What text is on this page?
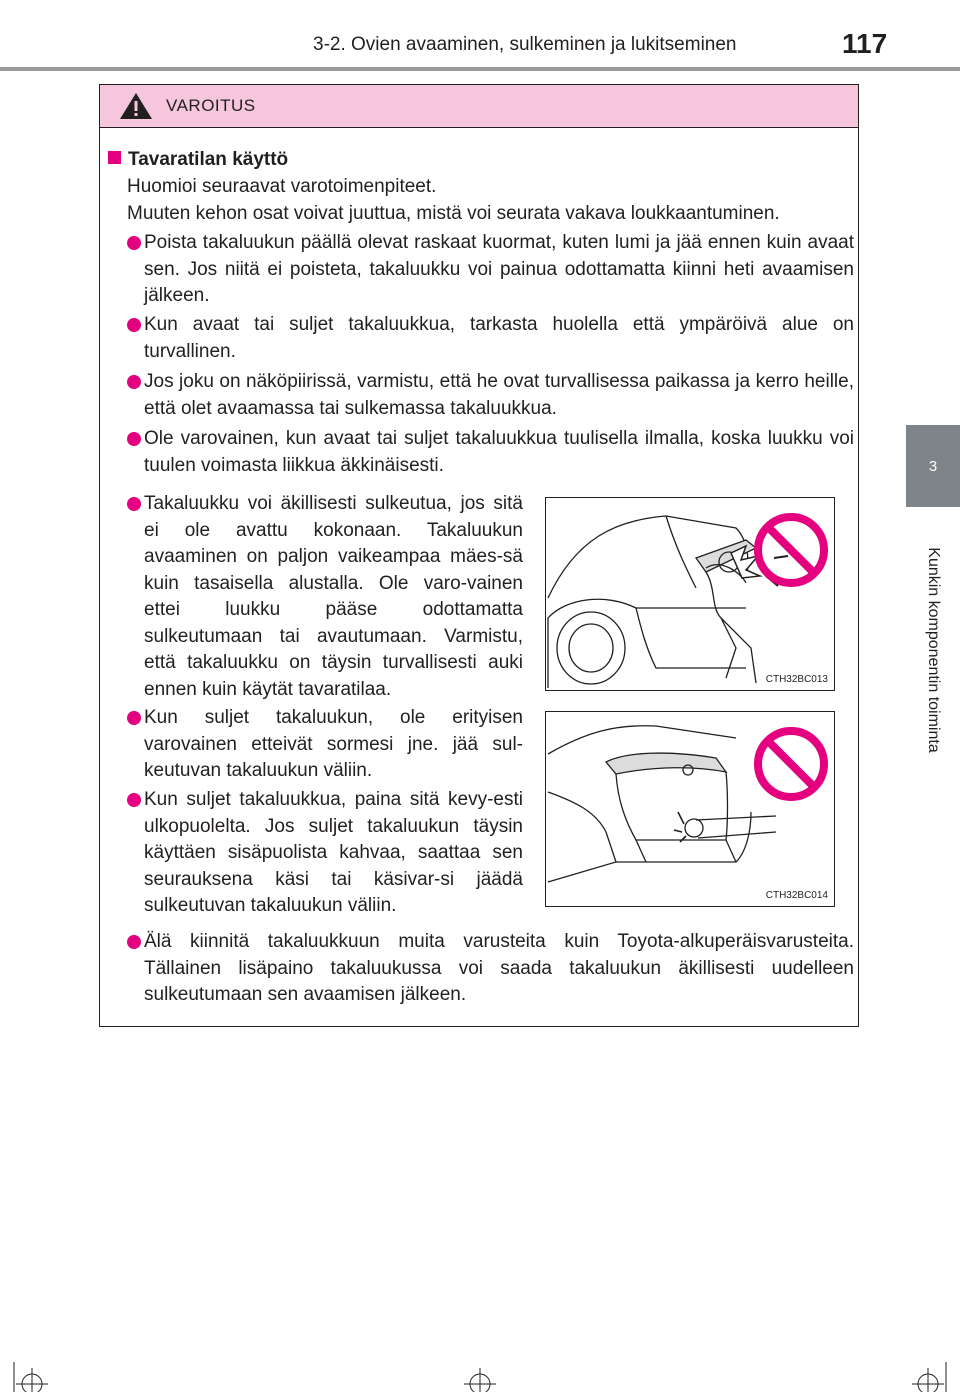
3-2. Ovien avaaminen, sulkeminen ja lukitseminen	117
3
Kunkin komponentin toiminta
VAROITUS
Tavaratilan käyttö
Huomioi seuraavat varotoimenpiteet.
Muuten kehon osat voivat juuttua, mistä voi seurata vakava loukkaantuminen.
Poista takaluukun päällä olevat raskaat kuormat, kuten lumi ja jää ennen kuin avaat sen. Jos niitä ei poisteta, takaluukku voi painua odottamatta kiinni heti avaamisen jälkeen.
Kun avaat tai suljet takaluukkua, tarkasta huolella että ympäröivä alue on turvallinen.
Jos joku on näköpiirissä, varmistu, että he ovat turvallisessa paikassa ja kerro heille, että olet avaamassa tai sulkemassa takaluukkua.
Ole varovainen, kun avaat tai suljet takaluukkua tuulisella ilmalla, koska luukku voi tuulen voimasta liikkua äkkinäisesti.
Takaluukku voi äkillisesti sulkeutua, jos sitä ei ole avattu kokonaan. Takaluukun avaaminen on paljon vaikeampaa mäes-sä kuin tasaisella alustalla. Ole varo-vainen ettei luukku pääse odottamatta sulkeutumaan tai avautumaan. Varmistu, että takaluukku on täysin turvallisesti auki ennen kuin käytät tavaratilaa.
Kun suljet takaluukun, ole erityisen varovainen etteivät sormesi jne. jää sul-keutuvan takaluukun väliin.
Kun suljet takaluukkua, paina sitä kevy-esti ulkopuolelta. Jos suljet takaluukun täysin käyttäen sisäpuolista kahvaa, saattaa sen seurauksena käsi tai käsivar-si jäädä sulkeutuvan takaluukun väliin.
Älä kiinnitä takaluukkuun muita varusteita kuin Toyota-alkuperäisvarusteita. Tällainen lisäpaino takaluukussa voi saada takaluukun äkillisesti uudelleen sulkeutumaan sen avaamisen jälkeen.
CTH32BC013
CTH32BC014
